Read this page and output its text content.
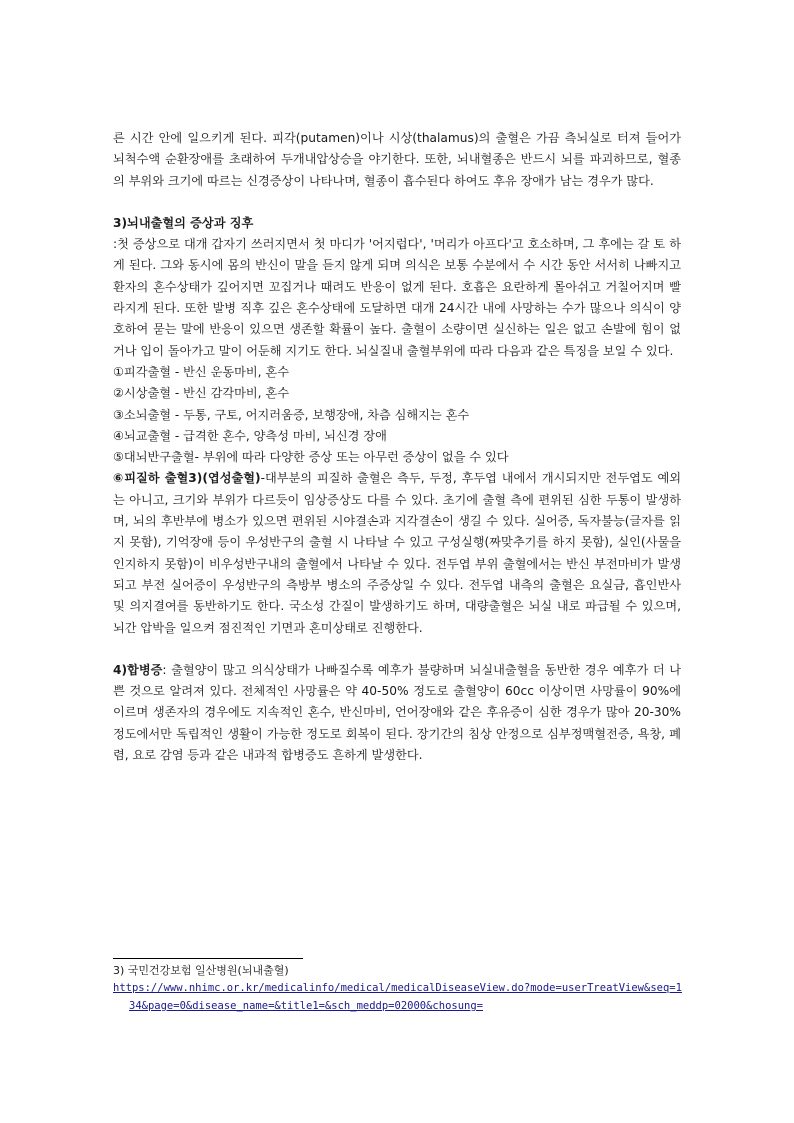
른 시간 안에 일으키게 된다. 피각(putamen)이나 시상(thalamus)의 출혈은 가끔 측뇌실로 터져 들어가 뇌척수액 순환장애를 초래하여 두개내압상승을 야기한다. 또한, 뇌내혈종은 반드시 뇌를 파괴하므로, 혈종의 부위와 크기에 따르는 신경증상이 나타나며, 혈종이 흡수된다 하여도 후유 장애가 남는 경우가 많다.

3)뇌내출혈의 증상과 징후

:첫 증상으로 대개 갑자기 쓰러지면서 첫 마디가 '어지럽다', '머리가 아프다'고 호소하며, 그 후에는 갈 토 하게 된다. 그와 동시에 몸의 반신이 말을 듣지 않게 되며 의식은 보통 수분에서 수 시간 동안 서서히 나빠지고 환자의 혼수상태가 깊어지면 꼬집거나 때려도 반응이 없게 된다. 호흡은 요란하게 몰아쉬고 거칠어지며 빨라지게 된다. 또한 발병 직후 깊은 혼수상태에 도달하면 대개 24시간 내에 사망하는 수가 많으나 의식이 양호하여 묻는 말에 반응이 있으면 생존할 확률이 높다. 출혈이 소량이면 실신하는 일은 없고 손발에 힘이 없거나 입이 돌아가고 말이 어둔해 지기도 한다. 뇌실질내 출혈부위에 따라 다음과 같은 특징을 보일 수 있다.

①피각출혈 - 반신 운동마비, 혼수
②시상출혈 - 반신 감각마비, 혼수
③소뇌출혈 - 두통, 구토, 어지러움증, 보행장애, 차츰 심해지는 혼수
④뇌교출혈 - 급격한 혼수, 양측성 마비, 뇌신경 장애
⑤대뇌반구출혈- 부위에 따라 다양한 증상 또는 아무런 증상이 없을 수 있다

⑥피질하 출혈3)(엽성출혈)-대부분의 피질하 출혈은 측두, 두정, 후두엽 내에서 개시되지만 전두엽도 예외는 아니고, 크기와 부위가 다르듯이 임상증상도 다를 수 있다. 초기에 출혈 측에 편위된 심한 두통이 발생하며, 뇌의 후반부에 병소가 있으면 편위된 시야결손과 지각결손이 생길 수 있다. 실어증, 독자불능(글자를 읽지 못함), 기억장애 등이 우성반구의 출혈 시 나타날 수 있고 구성실행(짜맞추기를 하지 못함), 실인(사물을 인지하지 못함)이 비우성반구내의 출혈에서 나타날 수 있다. 전두엽 부위 출혈에서는 반신 부전마비가 발생되고 부전 실어증이 우성반구의 측방부 병소의 주증상일 수 있다. 전두엽 내측의 출혈은 요실금, 흡인반사 및 의지결여를 동반하기도 한다. 국소성 간질이 발생하기도 하며, 대량출혈은 뇌실 내로 파급될 수 있으며, 뇌간 압박을 일으켜 점진적인 기면과 혼미상태로 진행한다.

4)합병증: 출혈양이 많고 의식상태가 나빠질수록 예후가 불량하며 뇌실내출혈을 동반한 경우 예후가 더 나쁜 것으로 알려져 있다. 전체적인 사망률은 약 40-50% 정도로 출혈양이 60cc 이상이면 사망률이 90%에 이르며 생존자의 경우에도 지속적인 혼수, 반신마비, 언어장애와 같은 후유증이 심한 경우가 많아 20-30% 정도에서만 독립적인 생활이 가능한 정도로 회복이 된다. 장기간의 침상 안정으로 심부정맥혈전증, 욕창, 폐렴, 요로 감염 등과 같은 내과적 합병증도 흔하게 발생한다.

3) 국민건강보험 일산병원(뇌내출혈)
https://www.nhimc.or.kr/medicalinfo/medical/medicalDiseaseView.do?mode=userTreatView&seq=134&page=0&disease_name=&title1=&sch_meddp=02000&chosung=
